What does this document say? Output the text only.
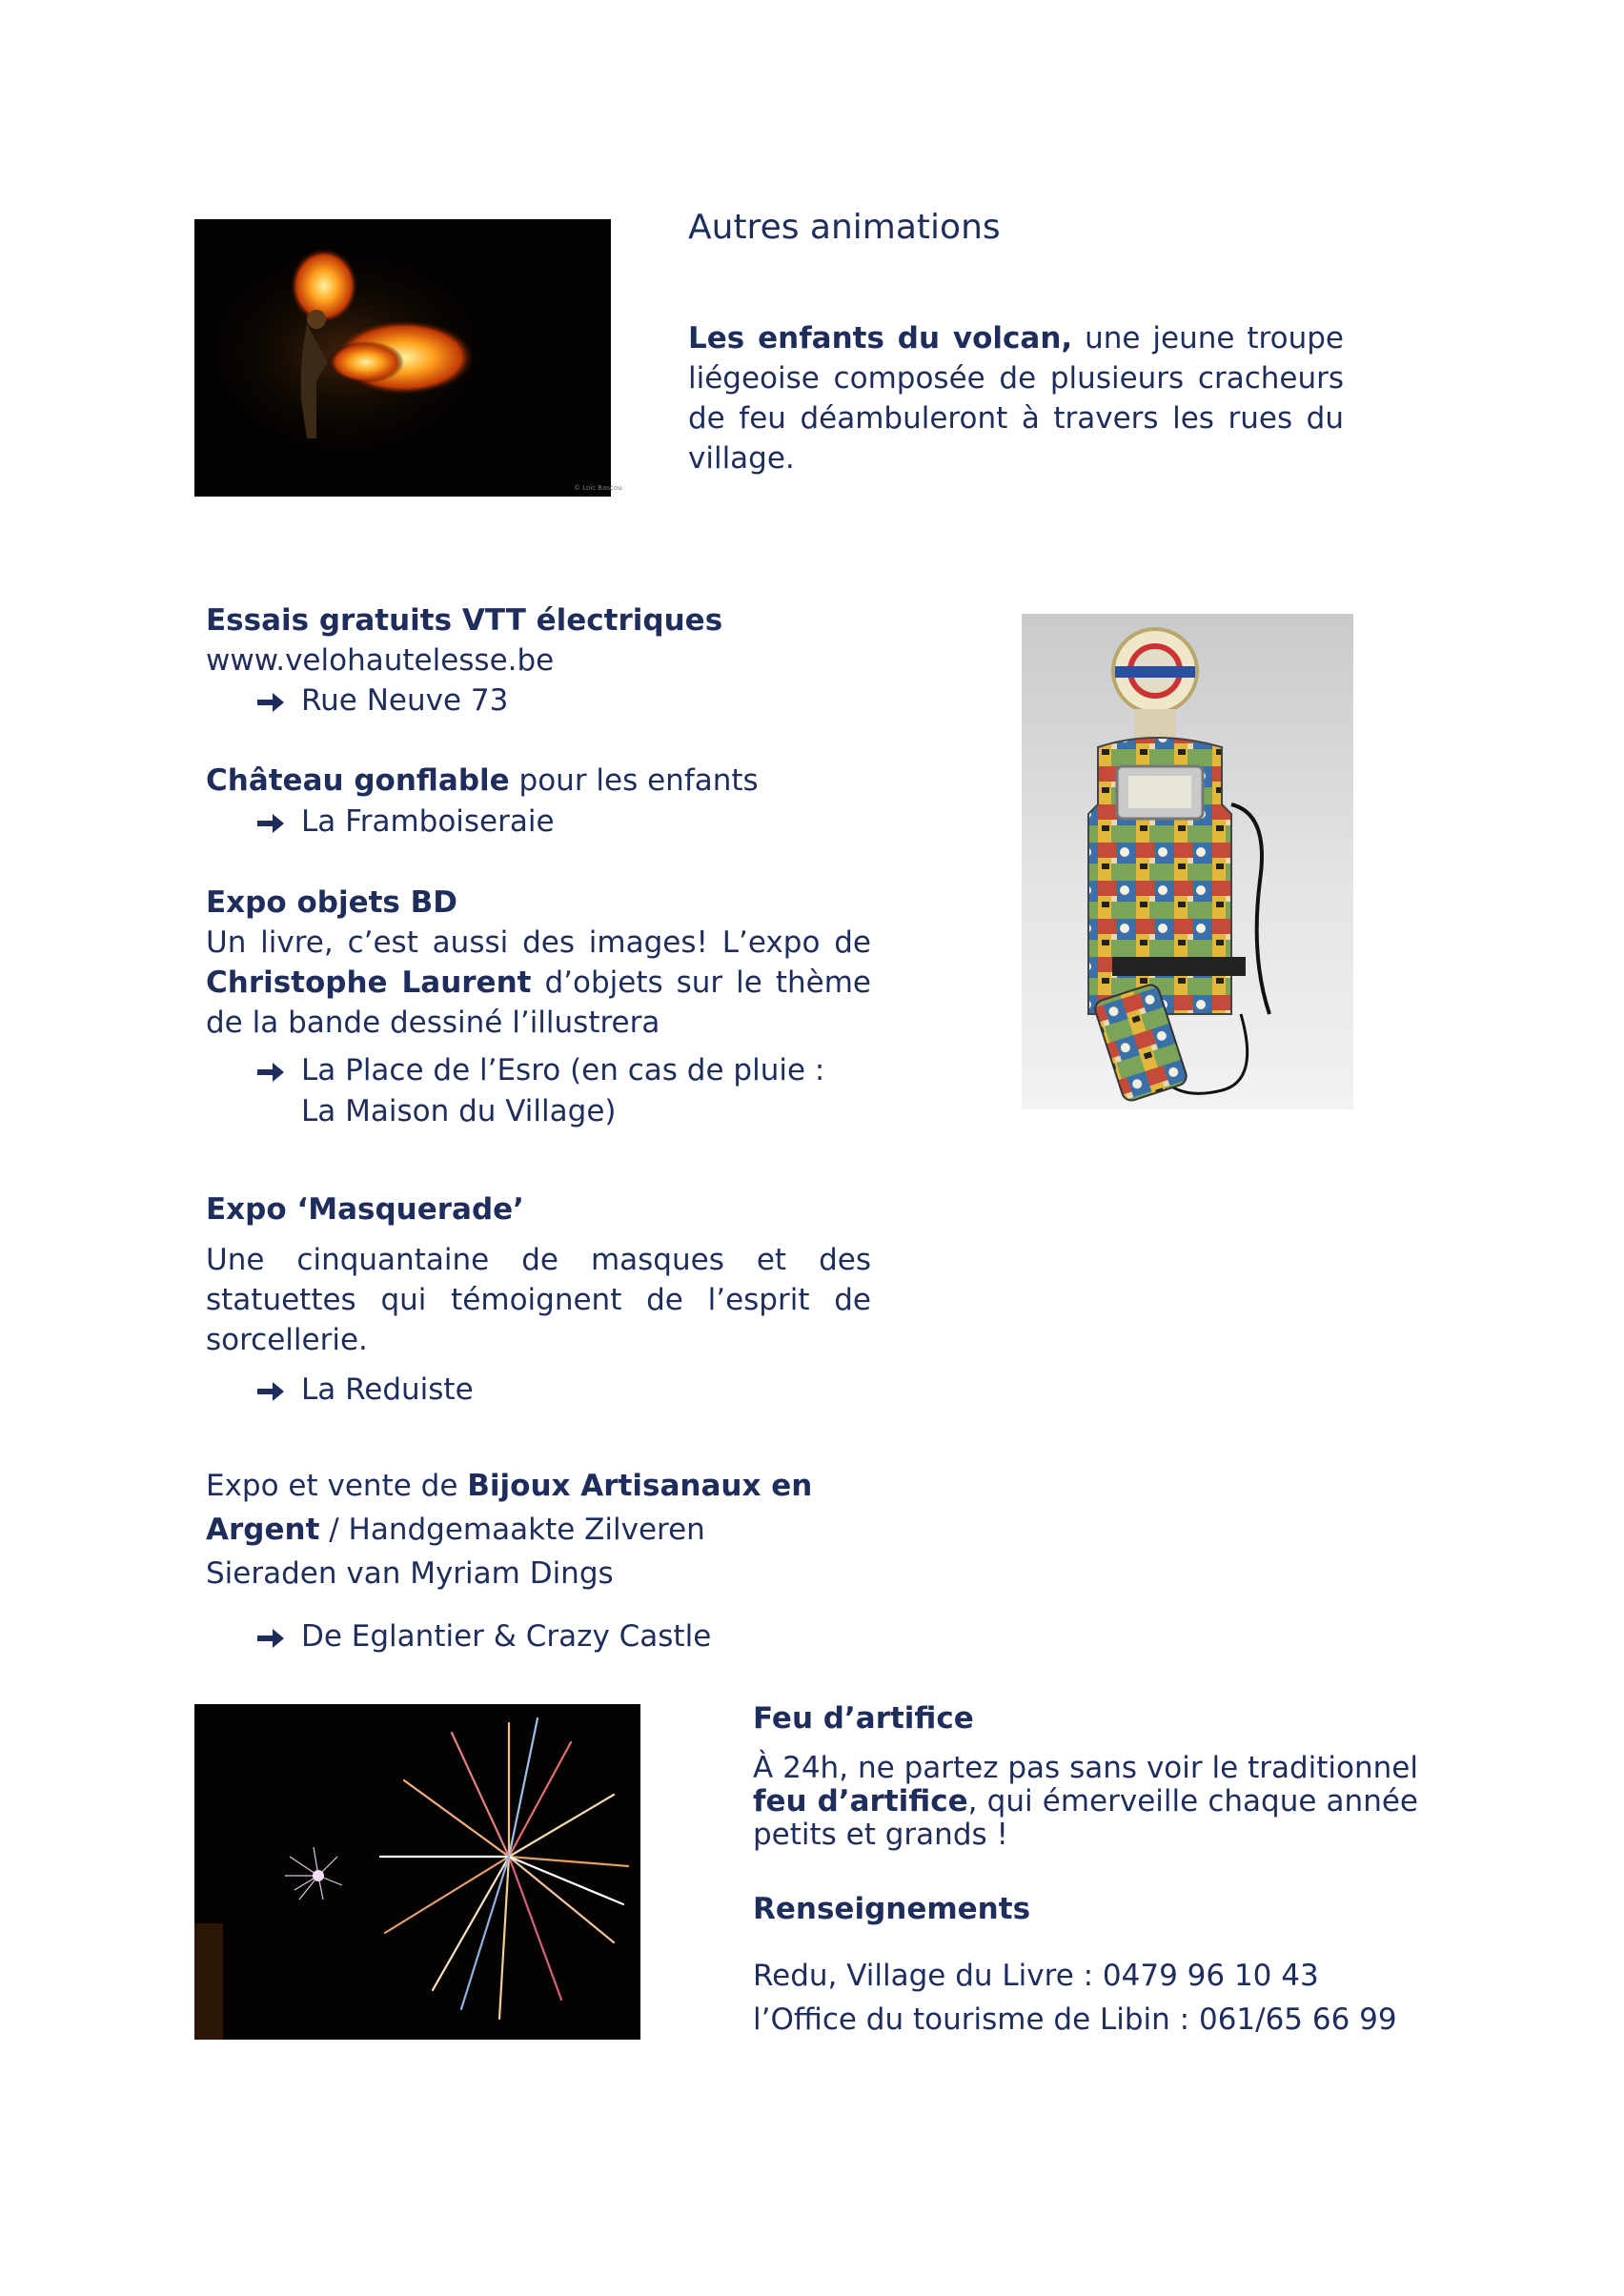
© Loïc Bascou
Autres animations
Les enfants du volcan, une jeune troupe liégeoise composée de plusieurs cracheurs de feu déambuleront à travers les rues du village.

Essais gratuits VTT électriques

www.velohautelesse.be

Rue Neuve 73

Château gonflable pour les enfants

La Framboiseraie

Expo objets BD

Un livre, c’est aussi des images! L’expo de Christophe Laurent d’objets sur le thème de la bande dessiné l’illustrera

La Place de l’Esro (en cas de pluie :
La Maison du Village)

Expo ‘Masquerade’

Une cinquantaine de masques et des statuettes qui témoignent de l’esprit de sorcellerie.

La Reduiste
Expo et vente de Bijoux Artisanaux en
Argent / Handgemaakte Zilveren
Sieraden van Myriam Dings
De Eglantier & Crazy Castle

Feu d’artifice

À 24h, ne partez pas sans voir le traditionnel feu d’artifice, qui émerveille chaque année petits et grands !

Renseignements

Redu, Village du Livre : 0479 96 10 43

l’Office du tourisme de Libin : 061/65 66 99
